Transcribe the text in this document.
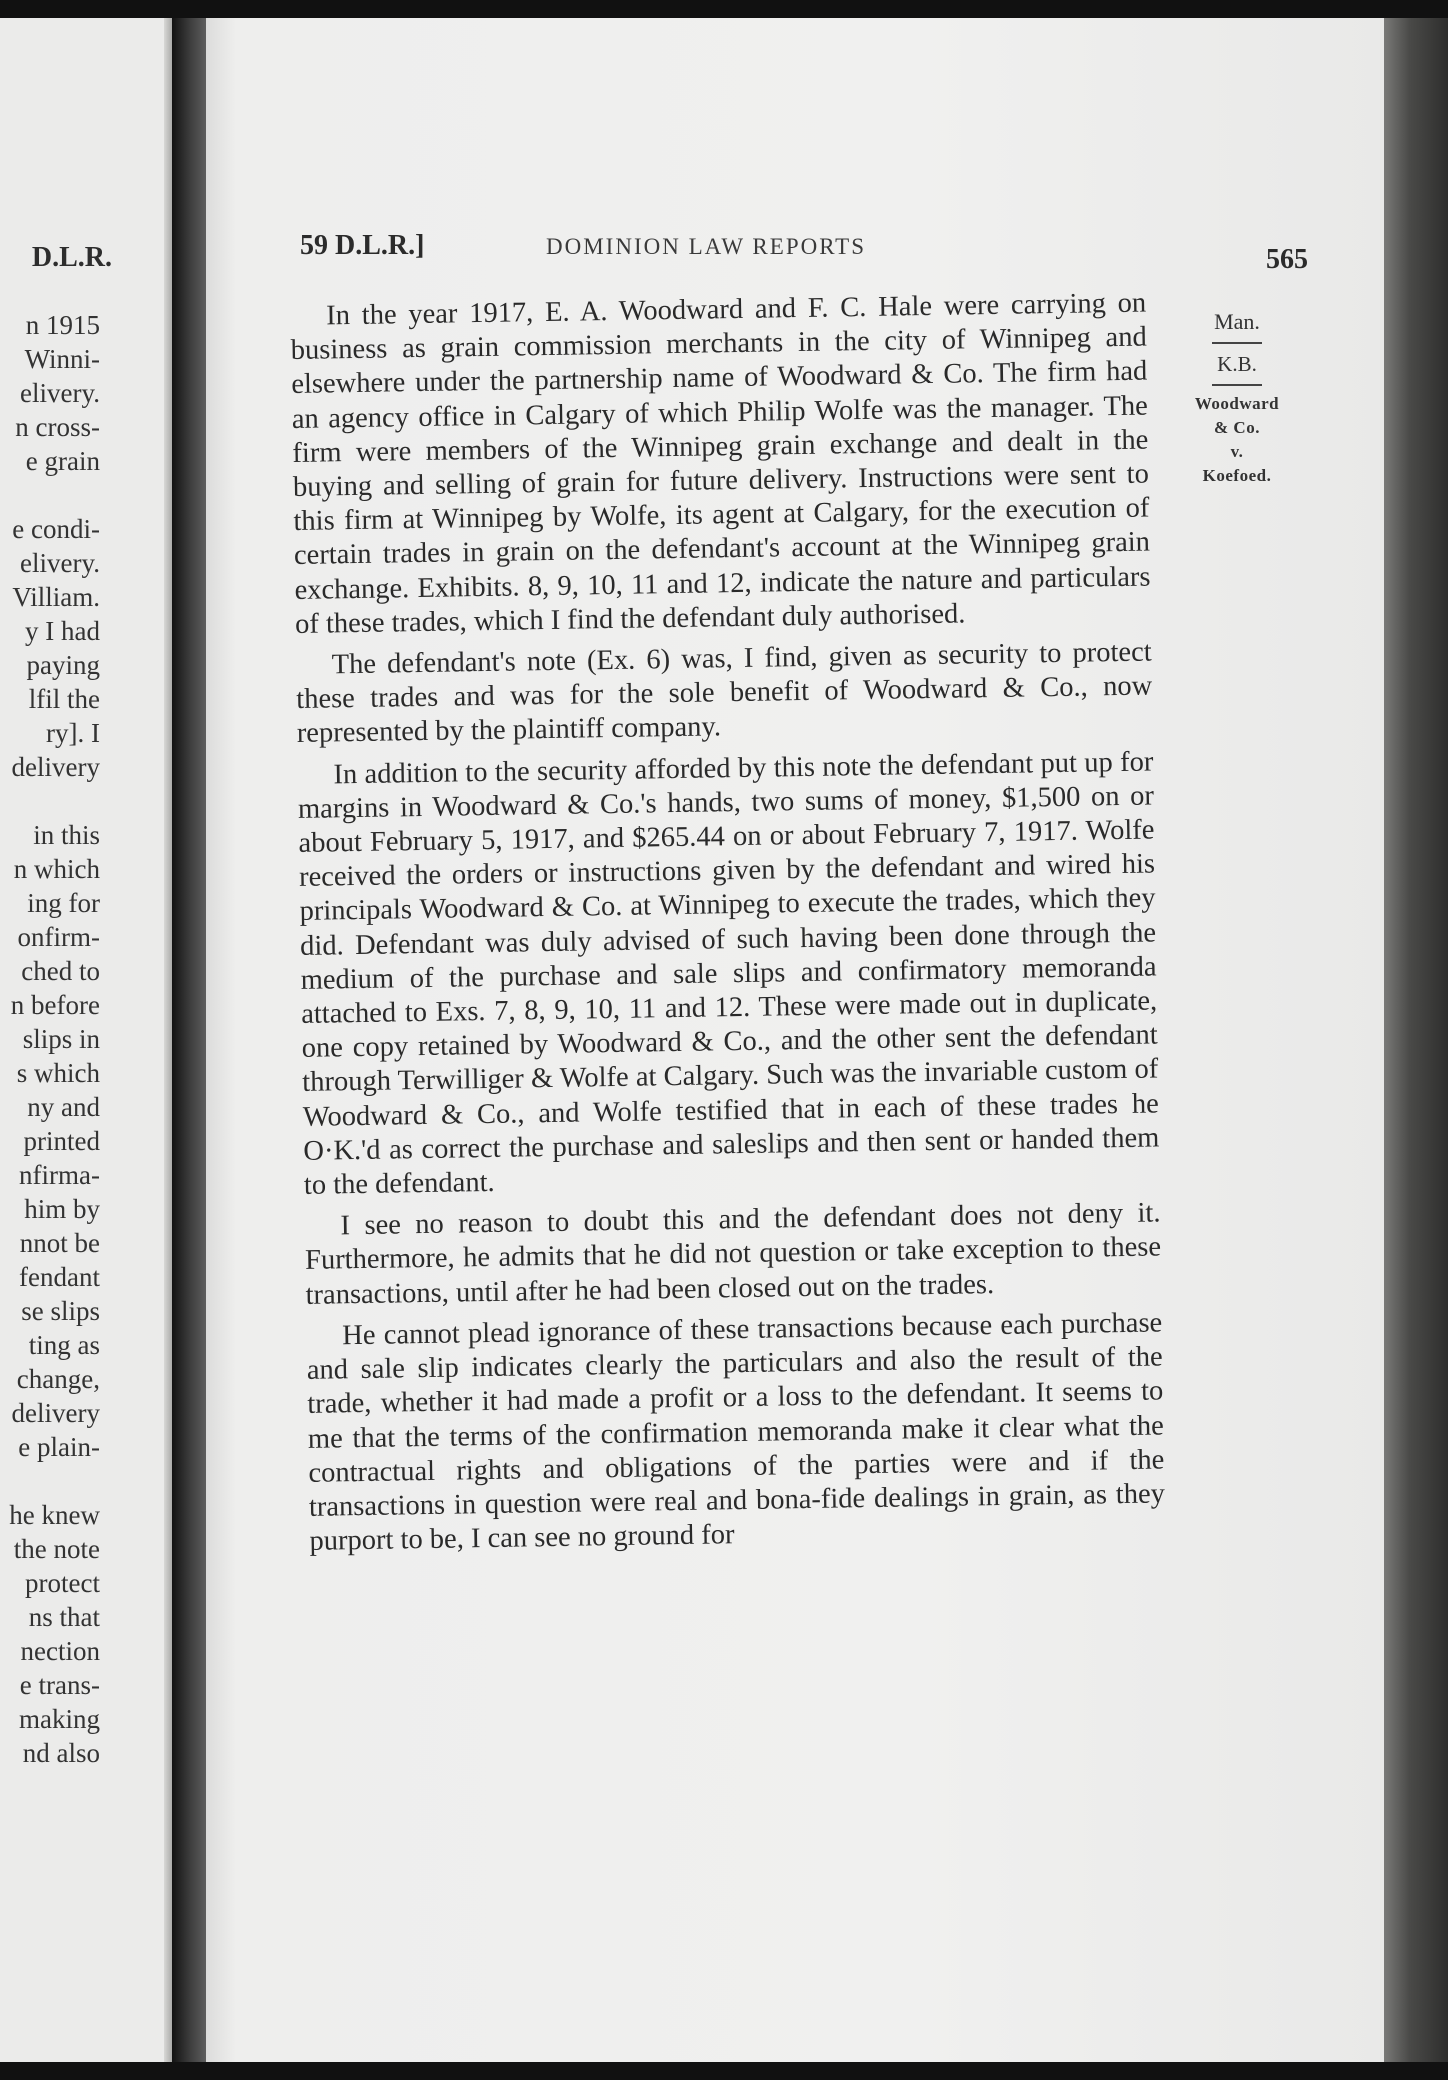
D.L.R.
n 1915
Winni-
elivery.
n cross-
e grain
e condi-
elivery.
Villiam.
y I had
paying
lfil the
ry]. I
delivery
in this
n which
ing for
onfirm-
ched to
n before
slips in
s which
ny and
printed
nfirma-
him by
nnot be
fendant
se slips
ting as
change,
delivery
e plain-
he knew
the note
protect
ns that
nection
e trans-
making
nd also
59 D.L.R.]	DOMINION LAW REPORTS	565
Man.
K.B.
Woodward
& Co.
v.
Koefoed.

In the year 1917, E. A. Woodward and F. C. Hale were carrying on business as grain commission merchants in the city of Winnipeg and elsewhere under the partnership name of Woodward & Co. The firm had an agency office in Calgary of which Philip Wolfe was the manager. The firm were members of the Winnipeg grain exchange and dealt in the buying and selling of grain for future delivery. Instructions were sent to this firm at Winnipeg by Wolfe, its agent at Calgary, for the execution of certain trades in grain on the defendant's account at the Winnipeg grain exchange. Exhibits. 8, 9, 10, 11 and 12, indicate the nature and particulars of these trades, which I find the defendant duly authorised.

The defendant's note (Ex. 6) was, I find, given as security to protect these trades and was for the sole benefit of Woodward & Co., now represented by the plaintiff company.

In addition to the security afforded by this note the defendant put up for margins in Woodward & Co.'s hands, two sums of money, $1,500 on or about February 5, 1917, and $265.44 on or about February 7, 1917. Wolfe received the orders or instructions given by the defendant and wired his principals Woodward & Co. at Winnipeg to execute the trades, which they did. Defendant was duly advised of such having been done through the medium of the purchase and sale slips and confirmatory memoranda attached to Exs. 7, 8, 9, 10, 11 and 12. These were made out in duplicate, one copy retained by Woodward & Co., and the other sent the defendant through Terwilliger & Wolfe at Calgary. Such was the invariable custom of Woodward & Co., and Wolfe testified that in each of these trades he O·K.'d as correct the purchase and saleslips and then sent or handed them to the defendant.

I see no reason to doubt this and the defendant does not deny it. Furthermore, he admits that he did not question or take exception to these transactions, until after he had been closed out on the trades.

He cannot plead ignorance of these transactions because each purchase and sale slip indicates clearly the particulars and also the result of the trade, whether it had made a profit or a loss to the defendant. It seems to me that the terms of the confirmation memoranda make it clear what the contractual rights and obligations of the parties were and if the transactions in question were real and bona-fide dealings in grain, as they purport to be, I can see no ground for
